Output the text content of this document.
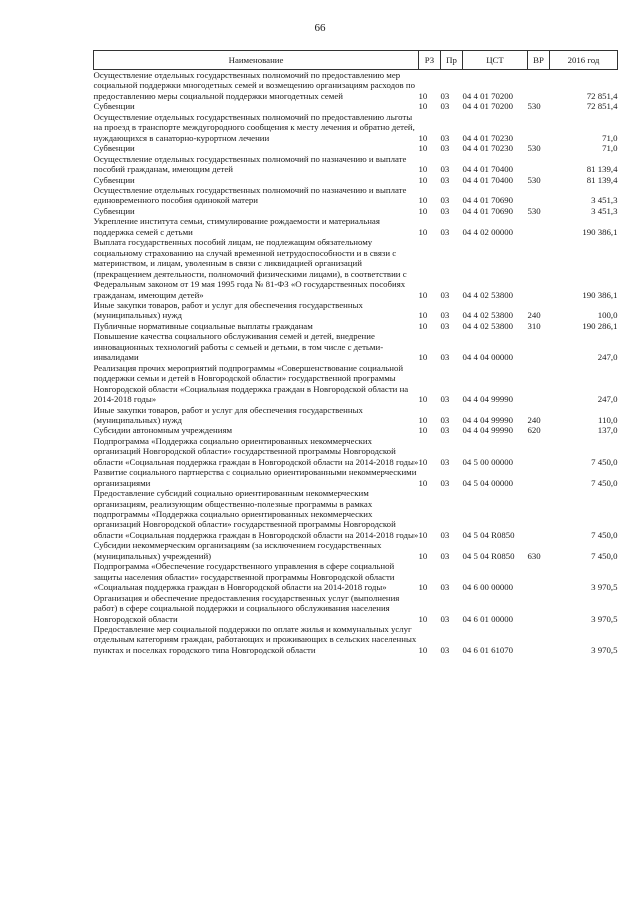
66
Наименование	РЗ	Пр	ЦСТ	ВР	2016 год
Осуществление отдельных государственных полномочий по предоставлению мер социальной поддержки многодетных семей и возмещению организациям расходов по предоставлению меры социальной поддержки многодетных семей	10	03	04 4 01 70200		72 851,4
Субвенции	10	03	04 4 01 70200	530	72 851,4
Осуществление отдельных государственных полномочий по предоставлению льготы на проезд в транспорте междугородного сообщения к месту лечения и обратно детей, нуждающихся в санаторно-курортном лечении	10	03	04 4 01 70230		71,0
Субвенции	10	03	04 4 01 70230	530	71,0
Осуществление отдельных государственных полномочий по назначению и выплате пособий гражданам, имеющим детей	10	03	04 4 01 70400		81 139,4
Субвенции	10	03	04 4 01 70400	530	81 139,4
Осуществление отдельных государственных полномочий по назначению и выплате единовременного пособия одинокой матери	10	03	04 4 01 70690		3 451,3
Субвенции	10	03	04 4 01 70690	530	3 451,3
Укрепление института семьи, стимулирование рождаемости и материальная поддержка семей с детьми	10	03	04 4 02 00000		190 386,1
Выплата государственных пособий лицам, не подлежащим обязательному социальному страхованию на случай временной нетрудоспособности и в связи с материнством, и лицам, уволенным в связи с ликвидацией организаций (прекращением деятельности, полномочий физическими лицами), в соответствии с Федеральным законом от 19 мая 1995 года № 81-ФЗ «О государственных пособиях гражданам, имеющим детей»	10	03	04 4 02 53800		190 386,1
Иные закупки товаров, работ и услуг для обеспечения государственных (муниципальных) нужд	10	03	04 4 02 53800	240	100,0
Публичные нормативные социальные выплаты гражданам	10	03	04 4 02 53800	310	190 286,1
Повышение качества социального обслуживания семей и детей, внедрение инновационных технологий работы с семьей и детьми, в том числе с детьми-инвалидами	10	03	04 4 04 00000		247,0
Реализация прочих мероприятий подпрограммы «Совершенствование социальной поддержки семьи и детей в Новгородской области» государственной программы Новгородской области «Социальная поддержка граждан в Новгородской области на 2014-2018 годы»	10	03	04 4 04 99990		247,0
Иные закупки товаров, работ и услуг для обеспечения государственных (муниципальных) нужд	10	03	04 4 04 99990	240	110,0
Субсидии автономным учреждениям	10	03	04 4 04 99990	620	137,0
Подпрограмма «Поддержка социально ориентированных некоммерческих организаций Новгородской области» государственной программы Новгородской области «Социальная поддержка граждан в Новгородской области на 2014-2018 годы»	10	03	04 5 00 00000		7 450,0
Развитие социального партнерства с социально ориентированными некоммерческими организациями	10	03	04 5 04 00000		7 450,0
Предоставление субсидий социально ориентированным некоммерческим организациям, реализующим общественно-полезные программы в рамках подпрограммы «Поддержка социально ориентированных некоммерческих организаций Новгородской области» государственной программы Новгородской области «Социальная поддержка граждан в Новгородской области на 2014-2018 годы»	10	03	04 5 04 R0850		7 450,0
Субсидии некоммерческим организациям (за исключением государственных (муниципальных) учреждений)	10	03	04 5 04 R0850	630	7 450,0
Подпрограмма «Обеспечение государственного управления в сфере социальной защиты населения области» государственной программы Новгородской области «Социальная поддержка граждан в Новгородской области на 2014-2018 годы»	10	03	04 6 00 00000		3 970,5
Организация и обеспечение предоставления государственных услуг (выполнения работ) в сфере социальной поддержки и социального обслуживания населения Новгородской области	10	03	04 6 01 00000		3 970,5
Предоставление мер социальной поддержки по оплате жилья и коммунальных услуг отдельным категориям граждан, работающих и проживающих в сельских населенных пунктах и поселках городского типа Новгородской области	10	03	04 6 01 61070		3 970,5
